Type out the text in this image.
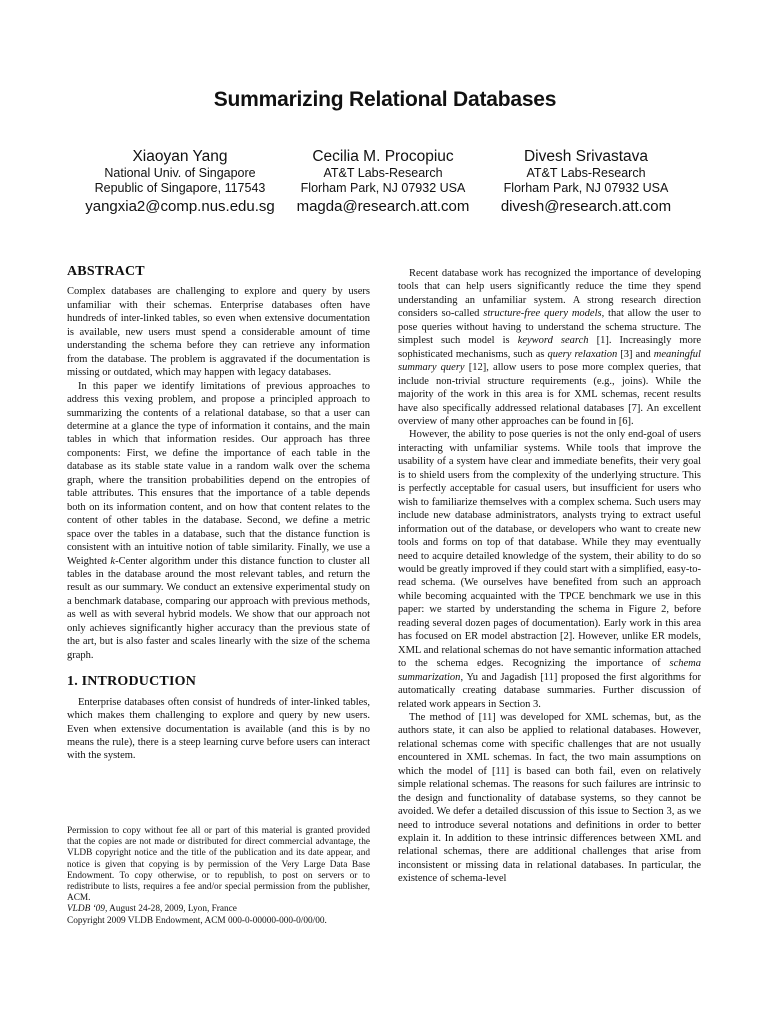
Summarizing Relational Databases
Xiaoyan Yang
National Univ. of Singapore
Republic of Singapore, 117543
yangxia2@comp.nus.edu.sg
Cecilia M. Procopiuc
AT&T Labs-Research
Florham Park, NJ 07932 USA
magda@research.att.com
Divesh Srivastava
AT&T Labs-Research
Florham Park, NJ 07932 USA
divesh@research.att.com
ABSTRACT

Complex databases are challenging to explore and query by users unfamiliar with their schemas. Enterprise databases often have hundreds of inter-linked tables, so even when extensive documentation is available, new users must spend a considerable amount of time understanding the schema before they can retrieve any information from the database. The problem is aggravated if the documentation is missing or outdated, which may happen with legacy databases.

In this paper we identify limitations of previous approaches to address this vexing problem, and propose a principled approach to summarizing the contents of a relational database, so that a user can determine at a glance the type of information it contains, and the main tables in which that information resides. Our approach has three components: First, we define the importance of each table in the database as its stable state value in a random walk over the schema graph, where the transition probabilities depend on the entropies of table attributes. This ensures that the importance of a table depends both on its information content, and on how that content relates to the content of other tables in the database. Second, we define a metric space over the tables in a database, such that the distance function is consistent with an intuitive notion of table similarity. Finally, we use a Weighted k-Center algorithm under this distance function to cluster all tables in the database around the most relevant tables, and return the result as our summary. We conduct an extensive experimental study on a benchmark database, comparing our approach with previous methods, as well as with several hybrid models. We show that our approach not only achieves significantly higher accuracy than the previous state of the art, but is also faster and scales linearly with the size of the schema graph.

1. INTRODUCTION

Enterprise databases often consist of hundreds of inter-linked tables, which makes them challenging to explore and query by new users. Even when extensive documentation is available (and this is by no means the rule), there is a steep learning curve before users can interact with the system.

Permission to copy without fee all or part of this material is granted provided that the copies are not made or distributed for direct commercial advantage, the VLDB copyright notice and the title of the publication and its date appear, and notice is given that copying is by permission of the Very Large Data Base Endowment. To copy otherwise, or to republish, to post on servers or to redistribute to lists, requires a fee and/or special permission from the publisher, ACM.

VLDB ‘09, August 24-28, 2009, Lyon, France

Copyright 2009 VLDB Endowment, ACM 000-0-00000-000-0/00/00.

Recent database work has recognized the importance of developing tools that can help users significantly reduce the time they spend understanding an unfamiliar system. A strong research direction considers so-called structure-free query models, that allow the user to pose queries without having to understand the schema structure. The simplest such model is keyword search [1]. Increasingly more sophisticated mechanisms, such as query relaxation [3] and meaningful summary query [12], allow users to pose more complex queries, that include non-trivial structure requirements (e.g., joins). While the majority of the work in this area is for XML schemas, recent results have also specifically addressed relational databases [7]. An excellent overview of many other approaches can be found in [6].

However, the ability to pose queries is not the only end-goal of users interacting with unfamiliar systems. While tools that improve the usability of a system have clear and immediate benefits, their very goal is to shield users from the complexity of the underlying structure. This is perfectly acceptable for casual users, but insufficient for users who wish to familiarize themselves with a complex schema. Such users may include new database administrators, analysts trying to extract useful information out of the database, or developers who want to create new tools and forms on top of that database. While they may eventually need to acquire detailed knowledge of the system, their ability to do so would be greatly improved if they could start with a simplified, easy-to-read schema. (We ourselves have benefited from such an approach while becoming acquainted with the TPCE benchmark we use in this paper: we started by understanding the schema in Figure 2, before reading several dozen pages of documentation). Early work in this area has focused on ER model abstraction [2]. However, unlike ER models, XML and relational schemas do not have semantic information attached to the schema edges. Recognizing the importance of schema summarization, Yu and Jagadish [11] proposed the first algorithms for automatically creating database summaries. Further discussion of related work appears in Section 3.

The method of [11] was developed for XML schemas, but, as the authors state, it can also be applied to relational databases. However, relational schemas come with specific challenges that are not usually encountered in XML schemas. In fact, the two main assumptions on which the model of [11] is based can both fail, even on relatively simple relational schemas. The reasons for such failures are intrinsic to the design and functionality of database systems, so they cannot be avoided. We defer a detailed discussion of this issue to Section 3, as we need to introduce several notations and definitions in order to better explain it. In addition to these intrinsic differences between XML and relational schemas, there are additional challenges that arise from inconsistent or missing data in relational databases. In particular, the existence of schema-level
